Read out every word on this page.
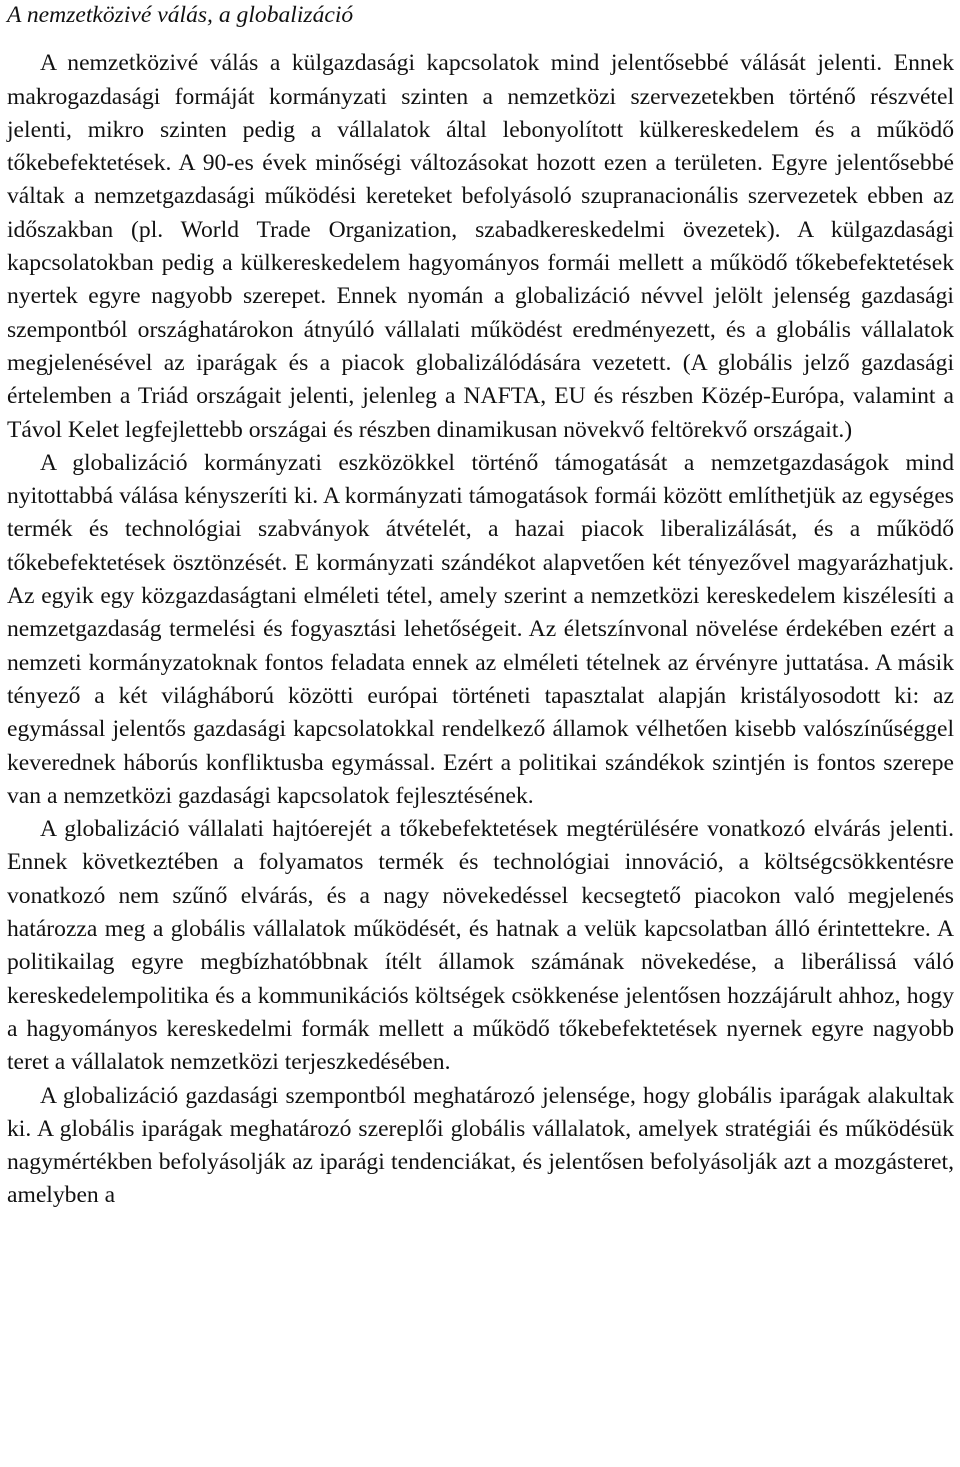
A nemzetközivé válás, a globalizáció

A nemzetközivé válás a külgazdasági kapcsolatok mind jelentősebbé válását jelenti. Ennek makrogazdasági formáját kormányzati szinten a nemzetközi szervezetekben történő részvétel jelenti, mikro szinten pedig a vállalatok által lebonyolított külkereskedelem és a működő tőkebefektetések. A 90-es évek minőségi változásokat hozott ezen a területen. Egyre jelentősebbé váltak a nemzetgazdasági működési kereteket befolyásoló szupranacionális szervezetek ebben az időszakban (pl. World Trade Organization, szabadkereskedelmi övezetek). A külgazdasági kapcsolatokban pedig a külkereskedelem hagyományos formái mellett a működő tőkebefektetések nyertek egyre nagyobb szerepet. Ennek nyomán a globalizáció névvel jelölt jelenség gazdasági szempontból országhatárokon átnyúló vállalati működést eredményezett, és a globális vállalatok megjelenésével az iparágak és a piacok globalizálódására vezetett. (A globális jelző gazdasági értelemben a Triád országait jelenti, jelenleg a NAFTA, EU és részben Közép-Európa, valamint a Távol Kelet legfejlettebb országai és részben dinamikusan növekvő feltörekvő országait.)

A globalizáció kormányzati eszközökkel történő támogatását a nemzetgazdaságok mind nyitottabbá válása kényszeríti ki. A kormányzati támogatások formái között említhetjük az egységes termék és technológiai szabványok átvételét, a hazai piacok liberalizálását, és a működő tőkebefektetések ösztönzését. E kormányzati szándékot alapvetően két tényezővel magyarázhatjuk. Az egyik egy közgazdaságtani elméleti tétel, amely szerint a nemzetközi kereskedelem kiszélesíti a nemzetgazdaság termelési és fogyasztási lehetőségeit. Az életszínvonal növelése érdekében ezért a nemzeti kormányzatoknak fontos feladata ennek az elméleti tételnek az érvényre juttatása. A másik tényező a két világháború közötti európai történeti tapasztalat alapján kristályosodott ki: az egymással jelentős gazdasági kapcsolatokkal rendelkező államok vélhetően kisebb valószínűséggel keverednek háborús konfliktusba egymással. Ezért a politikai szándékok szintjén is fontos szerepe van a nemzetközi gazdasági kapcsolatok fejlesztésének.

A globalizáció vállalati hajtóerejét a tőkebefektetések megtérülésére vonatkozó elvárás jelenti. Ennek következtében a folyamatos termék és technológiai innováció, a költségcsökkentésre vonatkozó nem szűnő elvárás, és a nagy növekedéssel kecsegtető piacokon való megjelenés határozza meg a globális vállalatok működését, és hatnak a velük kapcsolatban álló érintettekre. A politikailag egyre megbízhatóbbnak ítélt államok számának növekedése, a liberálissá váló kereskedelempolitika és a kommunikációs költségek csökkenése jelentősen hozzájárult ahhoz, hogy a hagyományos kereskedelmi formák mellett a működő tőkebefektetések nyernek egyre nagyobb teret a vállalatok nemzetközi terjeszkedésében.

A globalizáció gazdasági szempontból meghatározó jelensége, hogy globális iparágak alakultak ki. A globális iparágak meghatározó szereplői globális vállalatok, amelyek stratégiái és működésük nagymértékben befolyásolják az iparági tendenciákat, és jelentősen befolyásolják azt a mozgásteret, amelyben a
